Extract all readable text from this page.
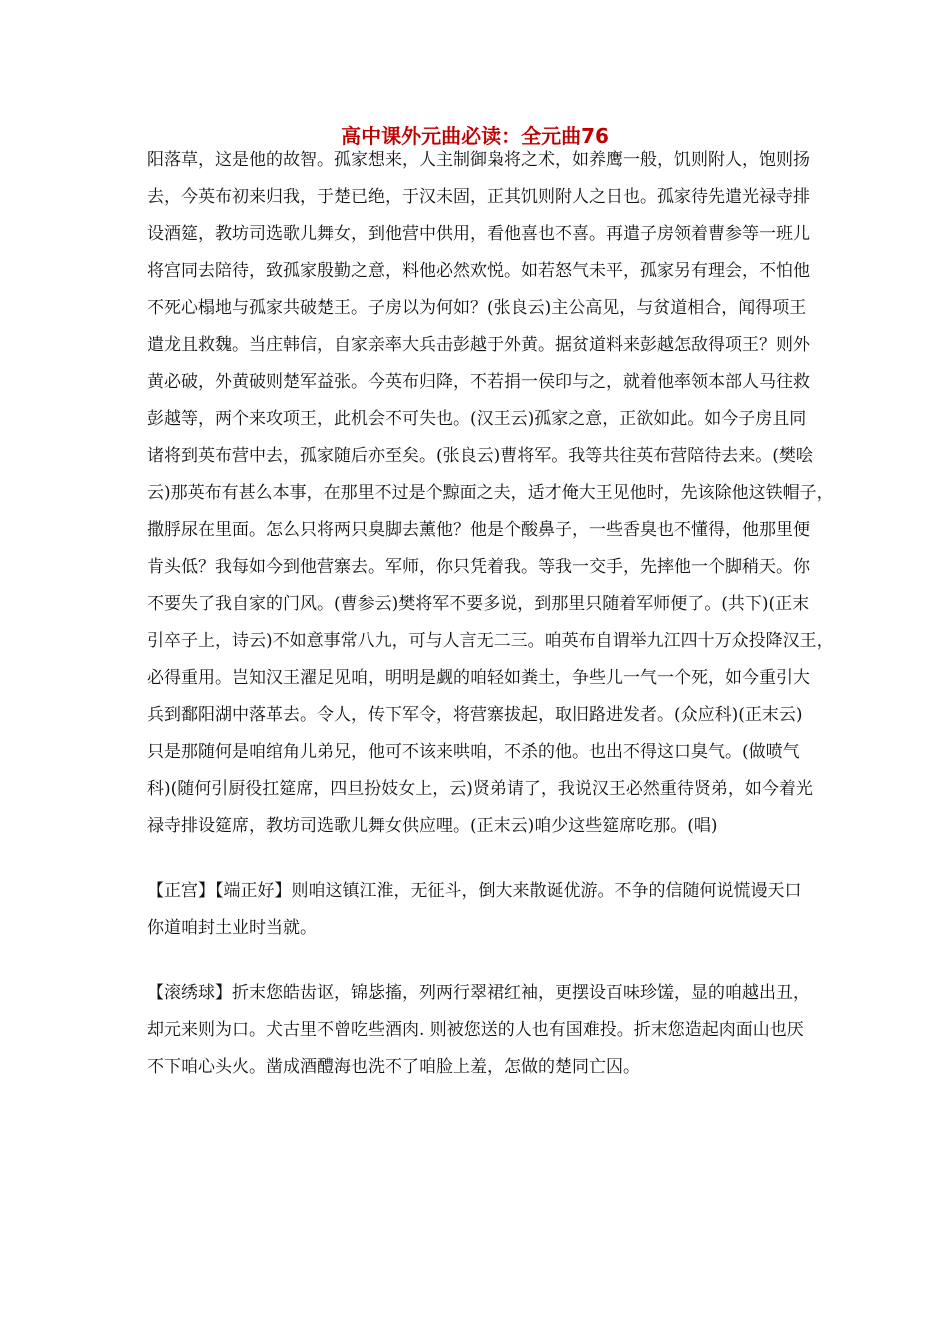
高中课外元曲必读：全元曲76
阳落草，这是他的故智。孤家想来，人主制御枭将之术，如养鹰一般，饥则附人，饱则扬
去，今英布初来归我，于楚已绝，于汉未固，正其饥则附人之日也。孤家待先遣光禄寺排
设酒筵，教坊司选歌儿舞女，到他营中供用，看他喜也不喜。再遣子房领着曹参等一班儿
将宫同去陪待，致孤家殷勤之意，料他必然欢悦。如若怒气未平，孤家另有理会，不怕他
不死心榻地与孤家共破楚王。子房以为何如？(张良云)主公高见，与贫道相合，闻得项王
遣龙且救魏。当庄韩信，自家亲率大兵击彭越于外黄。据贫道料来彭越怎敌得项王？则外
黄必破，外黄破则楚军益张。今英布归降，不若捐一侯印与之，就着他率领本部人马往救
彭越等，两个来攻项王，此机会不可失也。(汉王云)孤家之意，正欲如此。如今子房且同
诸将到英布营中去，孤家随后亦至矣。(张良云)曹将军。我等共往英布营陪待去来。(樊哙
云)那英布有甚么本事，在那里不过是个黥面之夫，适才俺大王见他时，先该除他这铁帽子，
撒脬尿在里面。怎么只将两只臭脚去薰他？他是个酸鼻子，一些香臭也不懂得，他那里便
肯头低？我每如今到他营寨去。军师，你只凭着我。等我一交手，先摔他一个脚稍天。你
不要失了我自家的门风。(曹参云)樊将军不要多说，到那里只随着军师便了。(共下)(正末
引卒子上，诗云)不如意事常八九，可与人言无二三。咱英布自谓举九江四十万众投降汉王，
必得重用。岂知汉王濯足见咱，明明是觑的咱轻如粪土，争些儿一气一个死，如今重引大
兵到鄱阳湖中落革去。令人，传下军令，将营寨拔起，取旧路进发者。(众应科)(正末云)
只是那随何是咱绾角儿弟兄，他可不该来哄咱，不杀的他。也出不得这口臭气。(做喷气
科)(随何引厨役扛筵席，四旦扮妓女上，云)贤弟请了，我说汉王必然重待贤弟，如今着光
禄寺排设筵席，教坊司选歌儿舞女供应哩。(正末云)咱少这些筵席吃那。(唱)
【正宫】【端正好】则咱这镇江淮，无征斗，倒大来散诞优游。不争的信随何说慌谩天口
你道咱封土业时当就。
【滚绣球】折末您皓齿讴，锦毖搐，列两行翠裙红袖，更摆设百味珍馐，显的咱越出丑，
却元来则为口。犬古里不曾吃些酒肉. 则被您送的人也有国难投。折末您造起肉面山也厌
不下咱心头火。凿成酒醴海也洗不了咱脸上羞，怎做的楚同亡囚。
